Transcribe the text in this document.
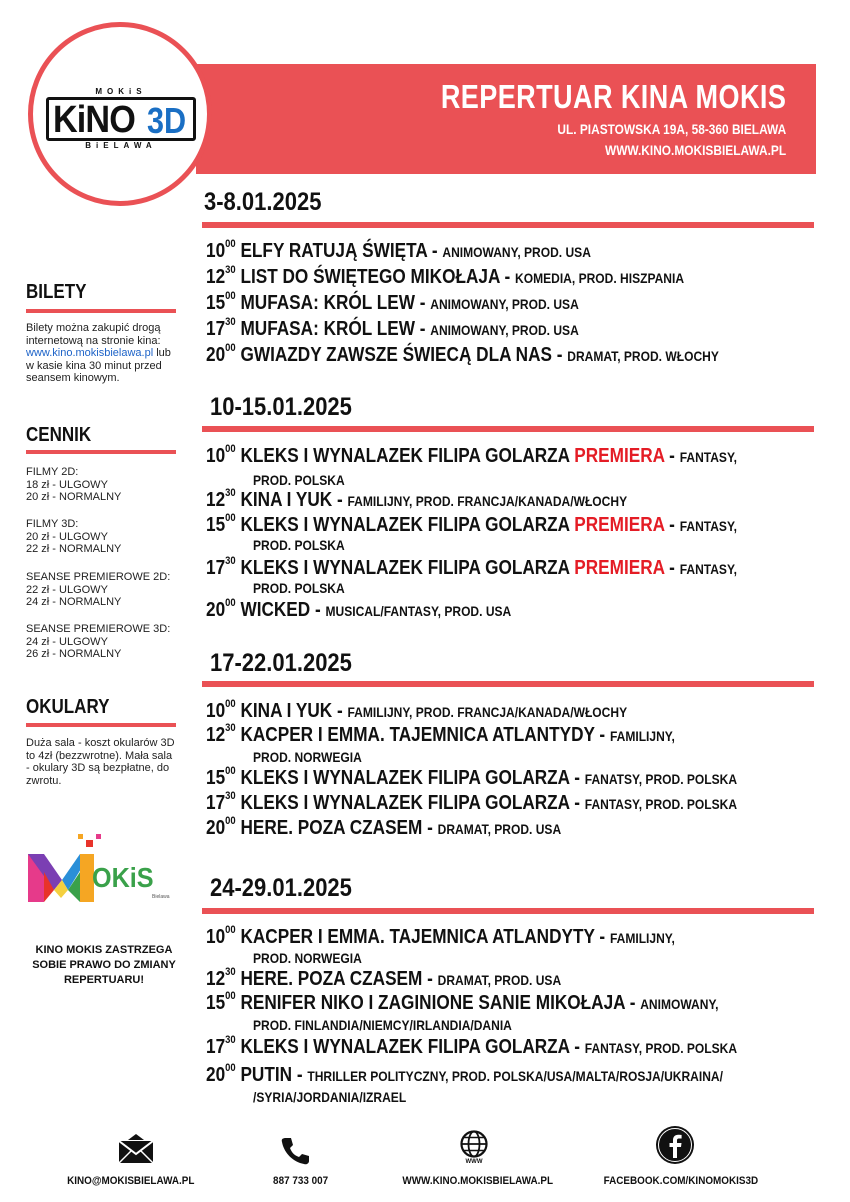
REPERTUAR KINA MOKIS
UL. PIASTOWSKA 19A, 58-360 BIELAWA
WWW.KINO.MOKISBIELAWA.PL
MOKiS
KiNO 3D
BiELAWA
BILETY
Bilety można zakupić drogą internetową na stronie kina: www.kino.mokisbielawa.pl lub w kasie kina 30 minut przed seansem kinowym.
CENNIK
FILMY 2D:
18 zł - ULGOWY
20 zł - NORMALNY
FILMY 3D:
20 zł - ULGOWY
22 zł - NORMALNY
SEANSE PREMIEROWE 2D:
22 zł - ULGOWY
24 zł - NORMALNY
SEANSE PREMIEROWE 3D:
24 zł - ULGOWY
26 zł - NORMALNY
OKULARY
Duża sala - koszt okularów 3D to 4zł (bezzwrotne). Mała sala - okulary 3D są bezpłatne, do zwrotu.
OKiS
Bielawa
KINO MOKIS ZASTRZEGA SOBIE PRAWO DO ZMIANY REPERTUARU!
3-8.01.2025
$10^{00}$ ELFY RATUJĄ ŚWIĘTA - ANIMOWANY, PROD. USA
$12^{30}$ LIST DO ŚWIĘTEGO MIKOŁAJA - KOMEDIA, PROD. HISZPANIA
$15^{00}$ MUFASA: KRÓL LEW - ANIMOWANY, PROD. USA
$17^{30}$ MUFASA: KRÓL LEW - ANIMOWANY, PROD. USA
$20^{00}$ GWIAZDY ZAWSZE ŚWIECĄ DLA NAS - DRAMAT, PROD. WŁOCHY
10-15.01.2025
$10^{00}$ KLEKS I WYNALAZEK FILIPA GOLARZA PREMIERA - FANTASY,
PROD. POLSKA
$12^{30}$ KINA I YUK - FAMILIJNY, PROD. FRANCJA/KANADA/WŁOCHY
$15^{00}$ KLEKS I WYNALAZEK FILIPA GOLARZA PREMIERA - FANTASY,
PROD. POLSKA
$17^{30}$ KLEKS I WYNALAZEK FILIPA GOLARZA PREMIERA - FANTASY,
PROD. POLSKA
$20^{00}$ WICKED - MUSICAL/FANTASY, PROD. USA
17-22.01.2025
$10^{00}$ KINA I YUK - FAMILIJNY, PROD. FRANCJA/KANADA/WŁOCHY
$12^{30}$ KACPER I EMMA. TAJEMNICA ATLANTYDY - FAMILIJNY,
PROD. NORWEGIA
$15^{00}$ KLEKS I WYNALAZEK FILIPA GOLARZA - FANATSY, PROD. POLSKA
$17^{30}$ KLEKS I WYNALAZEK FILIPA GOLARZA - FANTASY, PROD. POLSKA
$20^{00}$ HERE. POZA CZASEM - DRAMAT, PROD. USA
24-29.01.2025
$10^{00}$ KACPER I EMMA. TAJEMNICA ATLANDYTY - FAMILIJNY,
PROD. NORWEGIA
$12^{30}$ HERE. POZA CZASEM - DRAMAT, PROD. USA
$15^{00}$ RENIFER NIKO I ZAGINIONE SANIE MIKOŁAJA - ANIMOWANY,
PROD. FINLANDIA/NIEMCY/IRLANDIA/DANIA
$17^{30}$ KLEKS I WYNALAZEK FILIPA GOLARZA - FANTASY, PROD. POLSKA
$20^{00}$ PUTIN - THRILLER POLITYCZNY, PROD. POLSKA/USA/MALTA/ROSJA/UKRAINA/
/SYRIA/JORDANIA/IZRAEL
KINO@MOKISBIELAWA.PL	887 733 007
WWW
WWW.KINO.MOKISBIELAWA.PL	FACEBOOK.COM/KINOMOKIS3D
